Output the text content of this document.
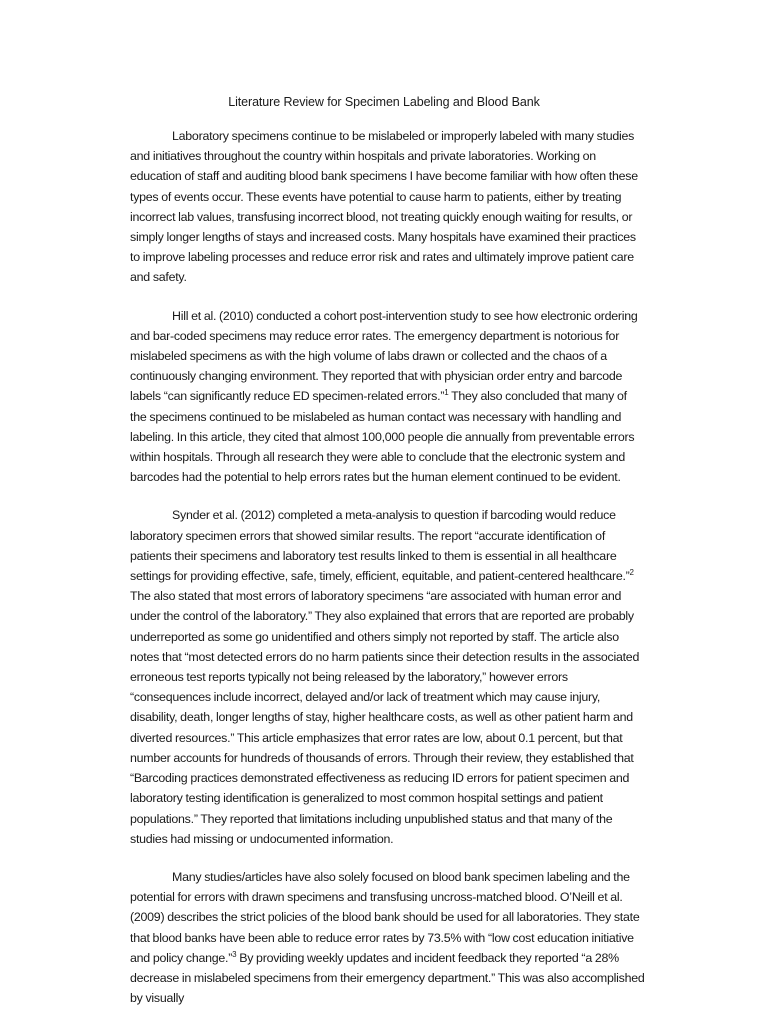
Literature Review for Specimen Labeling and Blood Bank

Laboratory specimens continue to be mislabeled or improperly labeled with many studies and initiatives throughout the country within hospitals and private laboratories. Working on education of staff and auditing blood bank specimens I have become familiar with how often these types of events occur. These events have potential to cause harm to patients, either by treating incorrect lab values, transfusing incorrect blood, not treating quickly enough waiting for results, or simply longer lengths of stays and increased costs. Many hospitals have examined their practices to improve labeling processes and reduce error risk and rates and ultimately improve patient care and safety.

Hill et al. (2010) conducted a cohort post-intervention study to see how electronic ordering and bar-coded specimens may reduce error rates. The emergency department is notorious for mislabeled specimens as with the high volume of labs drawn or collected and the chaos of a continuously changing environment. They reported that with physician order entry and barcode labels “can significantly reduce ED specimen-related errors.”$^1$ They also concluded that many of the specimens continued to be mislabeled as human contact was necessary with handling and labeling. In this article, they cited that almost 100,000 people die annually from preventable errors within hospitals. Through all research they were able to conclude that the electronic system and barcodes had the potential to help errors rates but the human element continued to be evident.

Synder et al. (2012) completed a meta-analysis to question if barcoding would reduce laboratory specimen errors that showed similar results. The report “accurate identification of patients their specimens and laboratory test results linked to them is essential in all healthcare settings for providing effective, safe, timely, efficient, equitable, and patient-centered healthcare.”$^2$ The also stated that most errors of laboratory specimens “are associated with human error and under the control of the laboratory.” They also explained that errors that are reported are probably underreported as some go unidentified and others simply not reported by staff. The article also notes that “most detected errors do no harm patients since their detection results in the associated erroneous test reports typically not being released by the laboratory,” however errors “consequences include incorrect, delayed and/or lack of treatment which may cause injury, disability, death, longer lengths of stay, higher healthcare costs, as well as other patient harm and diverted resources.” This article emphasizes that error rates are low, about 0.1 percent, but that number accounts for hundreds of thousands of errors. Through their review, they established that “Barcoding practices demonstrated effectiveness as reducing ID errors for patient specimen and laboratory testing identification is generalized to most common hospital settings and patient populations.” They reported that limitations including unpublished status and that many of the studies had missing or undocumented information.

Many studies/articles have also solely focused on blood bank specimen labeling and the potential for errors with drawn specimens and transfusing uncross-matched blood. O’Neill et al. (2009) describes the strict policies of the blood bank should be used for all laboratories. They state that blood banks have been able to reduce error rates by 73.5% with “low cost education initiative and policy change.”$^3$ By providing weekly updates and incident feedback they reported “a 28% decrease in mislabeled specimens from their emergency department.” This was also accomplished by visually
